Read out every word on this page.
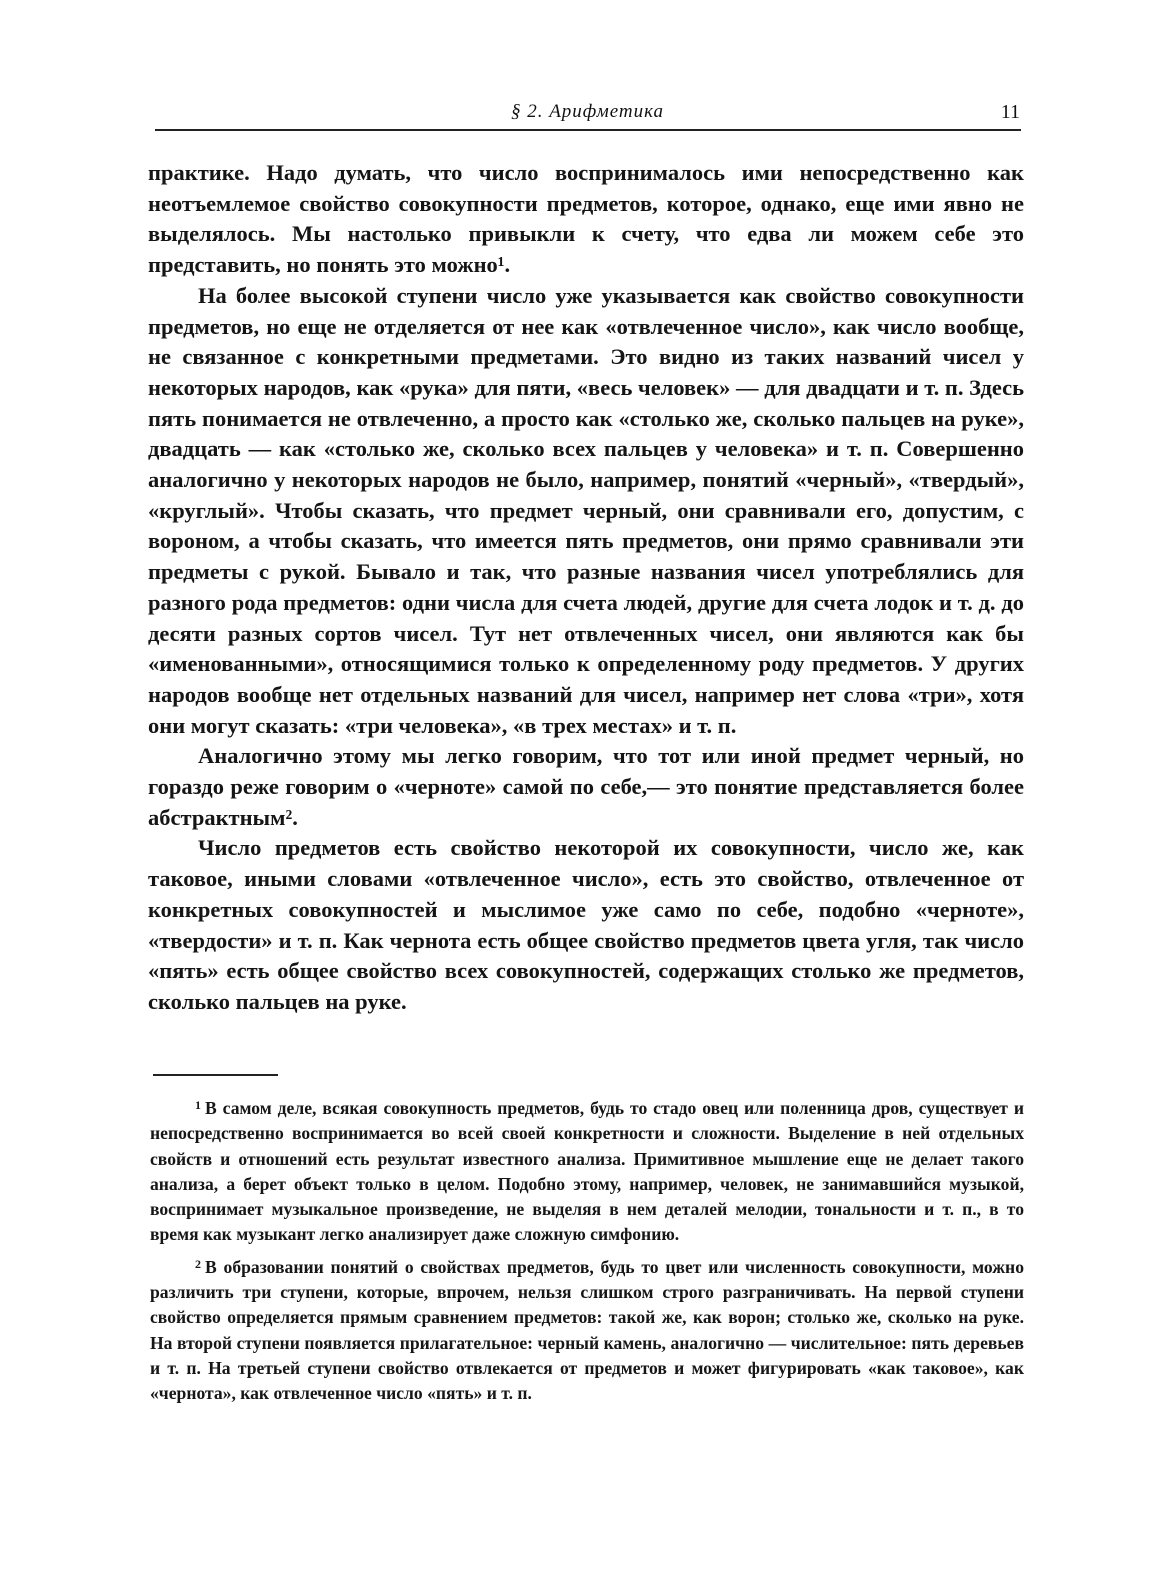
§ 2. Арифметика	11

практике. Надо думать, что число воспринималось ими непосредственно как неотъемлемое свойство совокупности предметов, которое, однако, еще ими явно не выделялось. Мы настолько привыкли к счету, что едва ли можем себе это представить, но понять это можно¹.

На более высокой ступени число уже указывается как свойство совокупности предметов, но еще не отделяется от нее как «отвлеченное число», как число вообще, не связанное с конкретными предметами. Это видно из таких названий чисел у некоторых народов, как «рука» для пяти, «весь человек» — для двадцати и т. п. Здесь пять понимается не отвлеченно, а просто как «столько же, сколько пальцев на руке», двадцать — как «столько же, сколько всех пальцев у человека» и т. п. Совершенно аналогично у некоторых народов не было, например, понятий «черный», «твердый», «круглый». Чтобы сказать, что предмет черный, они сравнивали его, допустим, с вороном, а чтобы сказать, что имеется пять предметов, они прямо сравнивали эти предметы с рукой. Бывало и так, что разные названия чисел употреблялись для разного рода предметов: одни числа для счета людей, другие для счета лодок и т. д. до десяти разных сортов чисел. Тут нет отвлеченных чисел, они являются как бы «именованными», относящимися только к определенному роду предметов. У других народов вообще нет отдельных названий для чисел, например нет слова «три», хотя они могут сказать: «три человека», «в трех местах» и т. п.

Аналогично этому мы легко говорим, что тот или иной предмет черный, но гораздо реже говорим о «черноте» самой по себе,— это понятие представляется более абстрактным².

Число предметов есть свойство некоторой их совокупности, число же, как таковое, иными словами «отвлеченное число», есть это свойство, отвлеченное от конкретных совокупностей и мыслимое уже само по себе, подобно «черноте», «твердости» и т. п. Как чернота есть общее свойство предметов цвета угля, так число «пять» есть общее свойство всех совокупностей, содержащих столько же предметов, сколько пальцев на руке.

$^1$ В самом деле, всякая совокупность предметов, будь то стадо овец или поленница дров, существует и непосредственно воспринимается во всей своей конкретности и сложности. Выделение в ней отдельных свойств и отношений есть результат известного анализа. Примитивное мышление еще не делает такого анализа, а берет объект только в целом. Подобно этому, например, человек, не занимавшийся музыкой, воспринимает музыкальное произведение, не выделяя в нем деталей мелодии, тональности и т. п., в то время как музыкант легко анализирует даже сложную симфонию.

$^2$ В образовании понятий о свойствах предметов, будь то цвет или численность совокупности, можно различить три ступени, которые, впрочем, нельзя слишком строго разграничивать. На первой ступени свойство определяется прямым сравнением предметов: такой же, как ворон; столько же, сколько на руке. На второй ступени появляется прилагательное: черный камень, аналогично — числительное: пять деревьев и т. п. На третьей ступени свойство отвлекается от предметов и может фигурировать «как таковое», как «чернота», как отвлеченное число «пять» и т. п.
